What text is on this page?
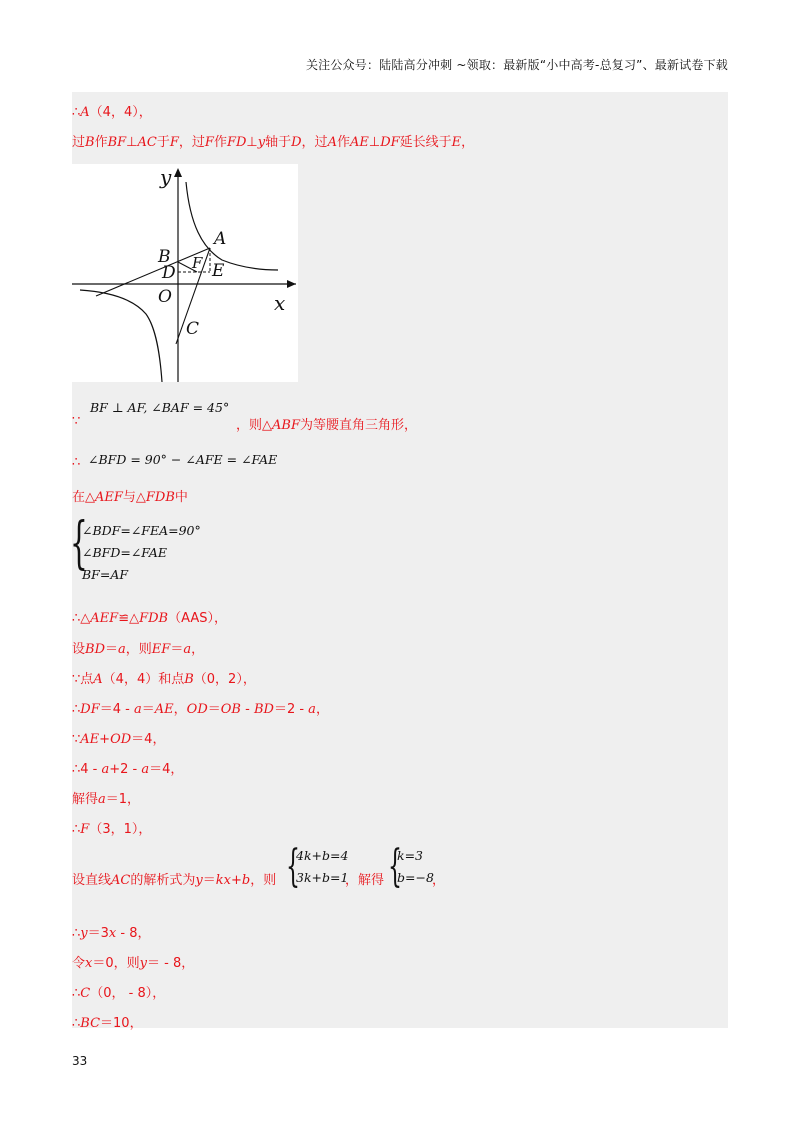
关注公众号：陆陆高分冲刺 ~领取：最新版“小中高考-总复习”、最新试卷下载
∴A（4，4），
过B作BF⊥AC于F，过F作FD⊥y轴于D，过A作AE⊥DF延长线于E，
y
x
A
B
D F E
O
C
∵
BF ⊥ AF, ∠BAF = 45°
，则△ABF为等腰直角三角形，
∴ ∠BFD = 90° − ∠AFE = ∠FAE
在△AEF与△FDB中
{
∠BDF=∠FEA=90°
∠BFD=∠FAE
BF=AF
∴△AEF≌△FDB（AAS），
设BD＝a，则EF＝a，
∵点A（4，4）和点B（0，2），
∴DF＝4 - a＝AE，OD＝OB - BD＝2 - a，
∵AE+OD＝4，
∴4 - a+2 - a＝4，
解得a＝1，
∴F（3，1），
设直线AC的解析式为y＝kx+b，则 {
4k+b=4
3k+b=1
，解得 {
k=3
b=−8
，
∴y＝3x - 8，
令x＝0，则y＝ - 8，
∴C（0， - 8），
∴BC＝10，
33
